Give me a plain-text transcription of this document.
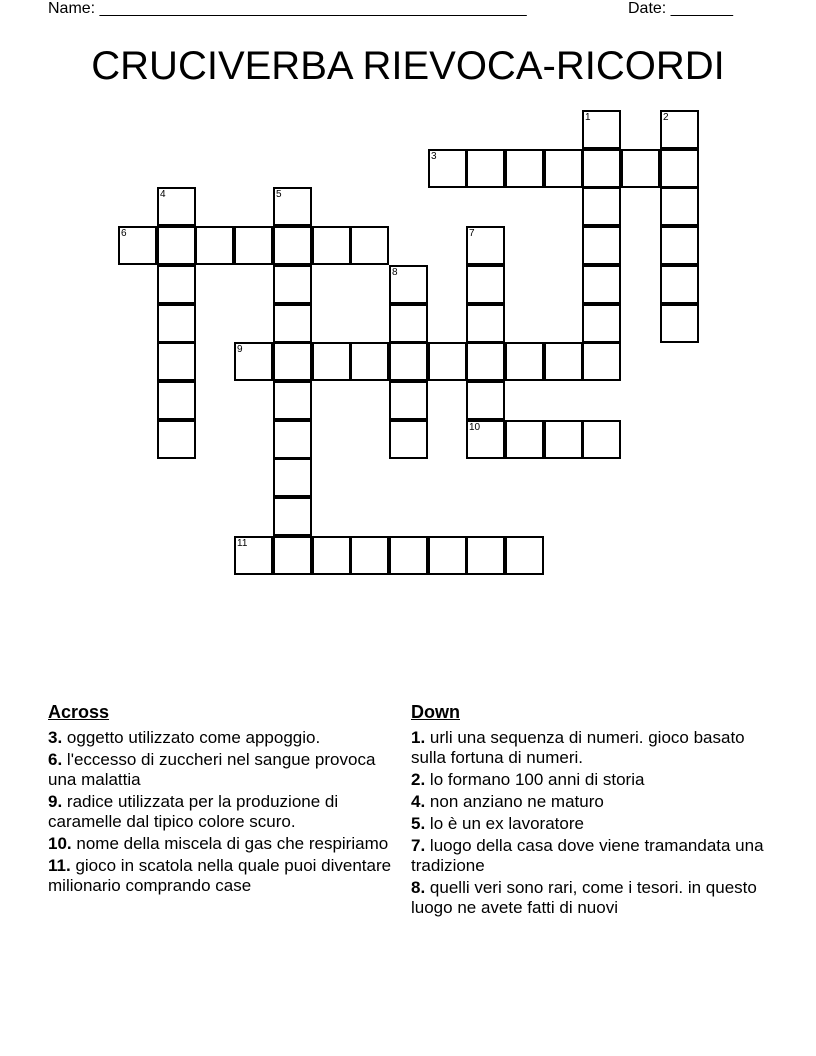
Name: ________________________________________________	Date: _______
CRUCIVERBA RIEVOCA-RICORDI
1	2
3
4	5
6	7
10
8
9
11
Across
3. oggetto utilizzato come appoggio.
6. l'eccesso di zuccheri nel sangue provoca una malattia
9. radice utilizzata per la produzione di caramelle dal tipico colore scuro.
10. nome della miscela di gas che respiriamo
11. gioco in scatola nella quale puoi diventare milionario comprando case
Down
1. urli una sequenza di numeri. gioco basato sulla fortuna di numeri.
2. lo formano 100 anni di storia
4. non anziano ne maturo
5. lo è un ex lavoratore
7. luogo della casa dove viene tramandata una tradizione
8. quelli veri sono rari, come i tesori. in questo luogo ne avete fatti di nuovi
